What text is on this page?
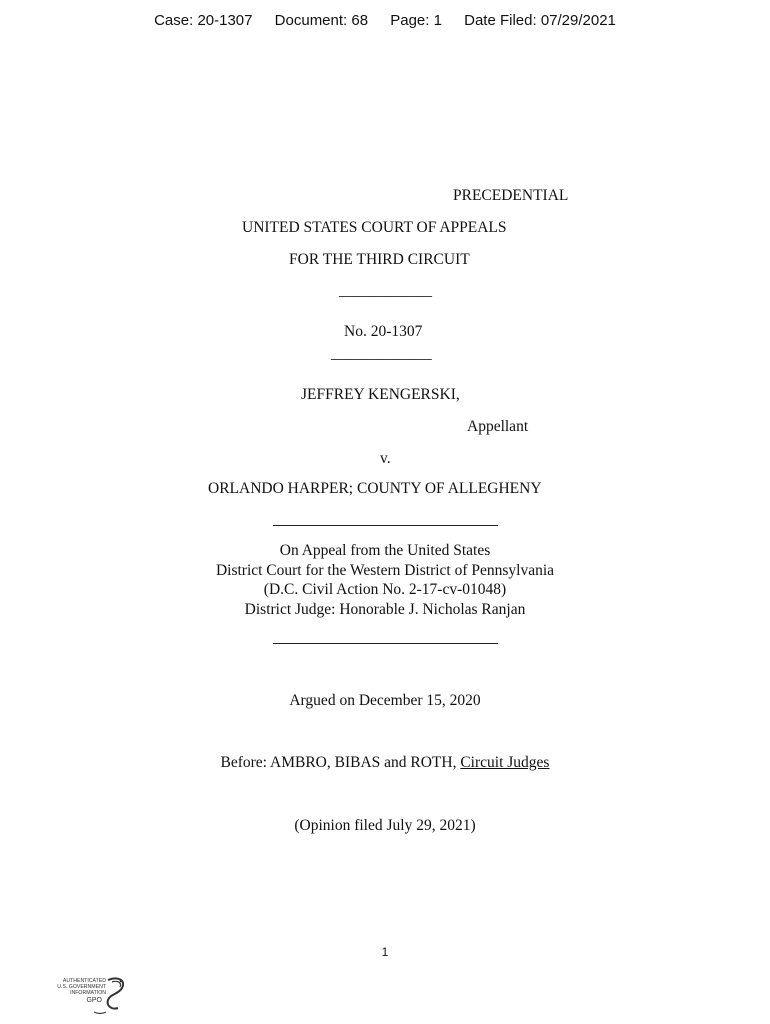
Case: 20-1307 Document: 68 Page: 1 Date Filed: 07/29/2021
PRECEDENTIAL
UNITED STATES COURT OF APPEALS
FOR THE THIRD CIRCUIT
____________
No. 20-1307
_____________
JEFFREY KENGERSKI,
Appellant
v.
ORLANDO HARPER; COUNTY OF ALLEGHENY
On Appeal from the United States
District Court for the Western District of Pennsylvania
(D.C. Civil Action No. 2-17-cv-01048)
District Judge: Honorable J. Nicholas Ranjan
Argued on December 15, 2020
Before: AMBRO, BIBAS and ROTH, Circuit Judges
(Opinion filed July 29, 2021)
1
AUTHENTICATED
U.S. GOVERNMENT
INFORMATION
GPO
